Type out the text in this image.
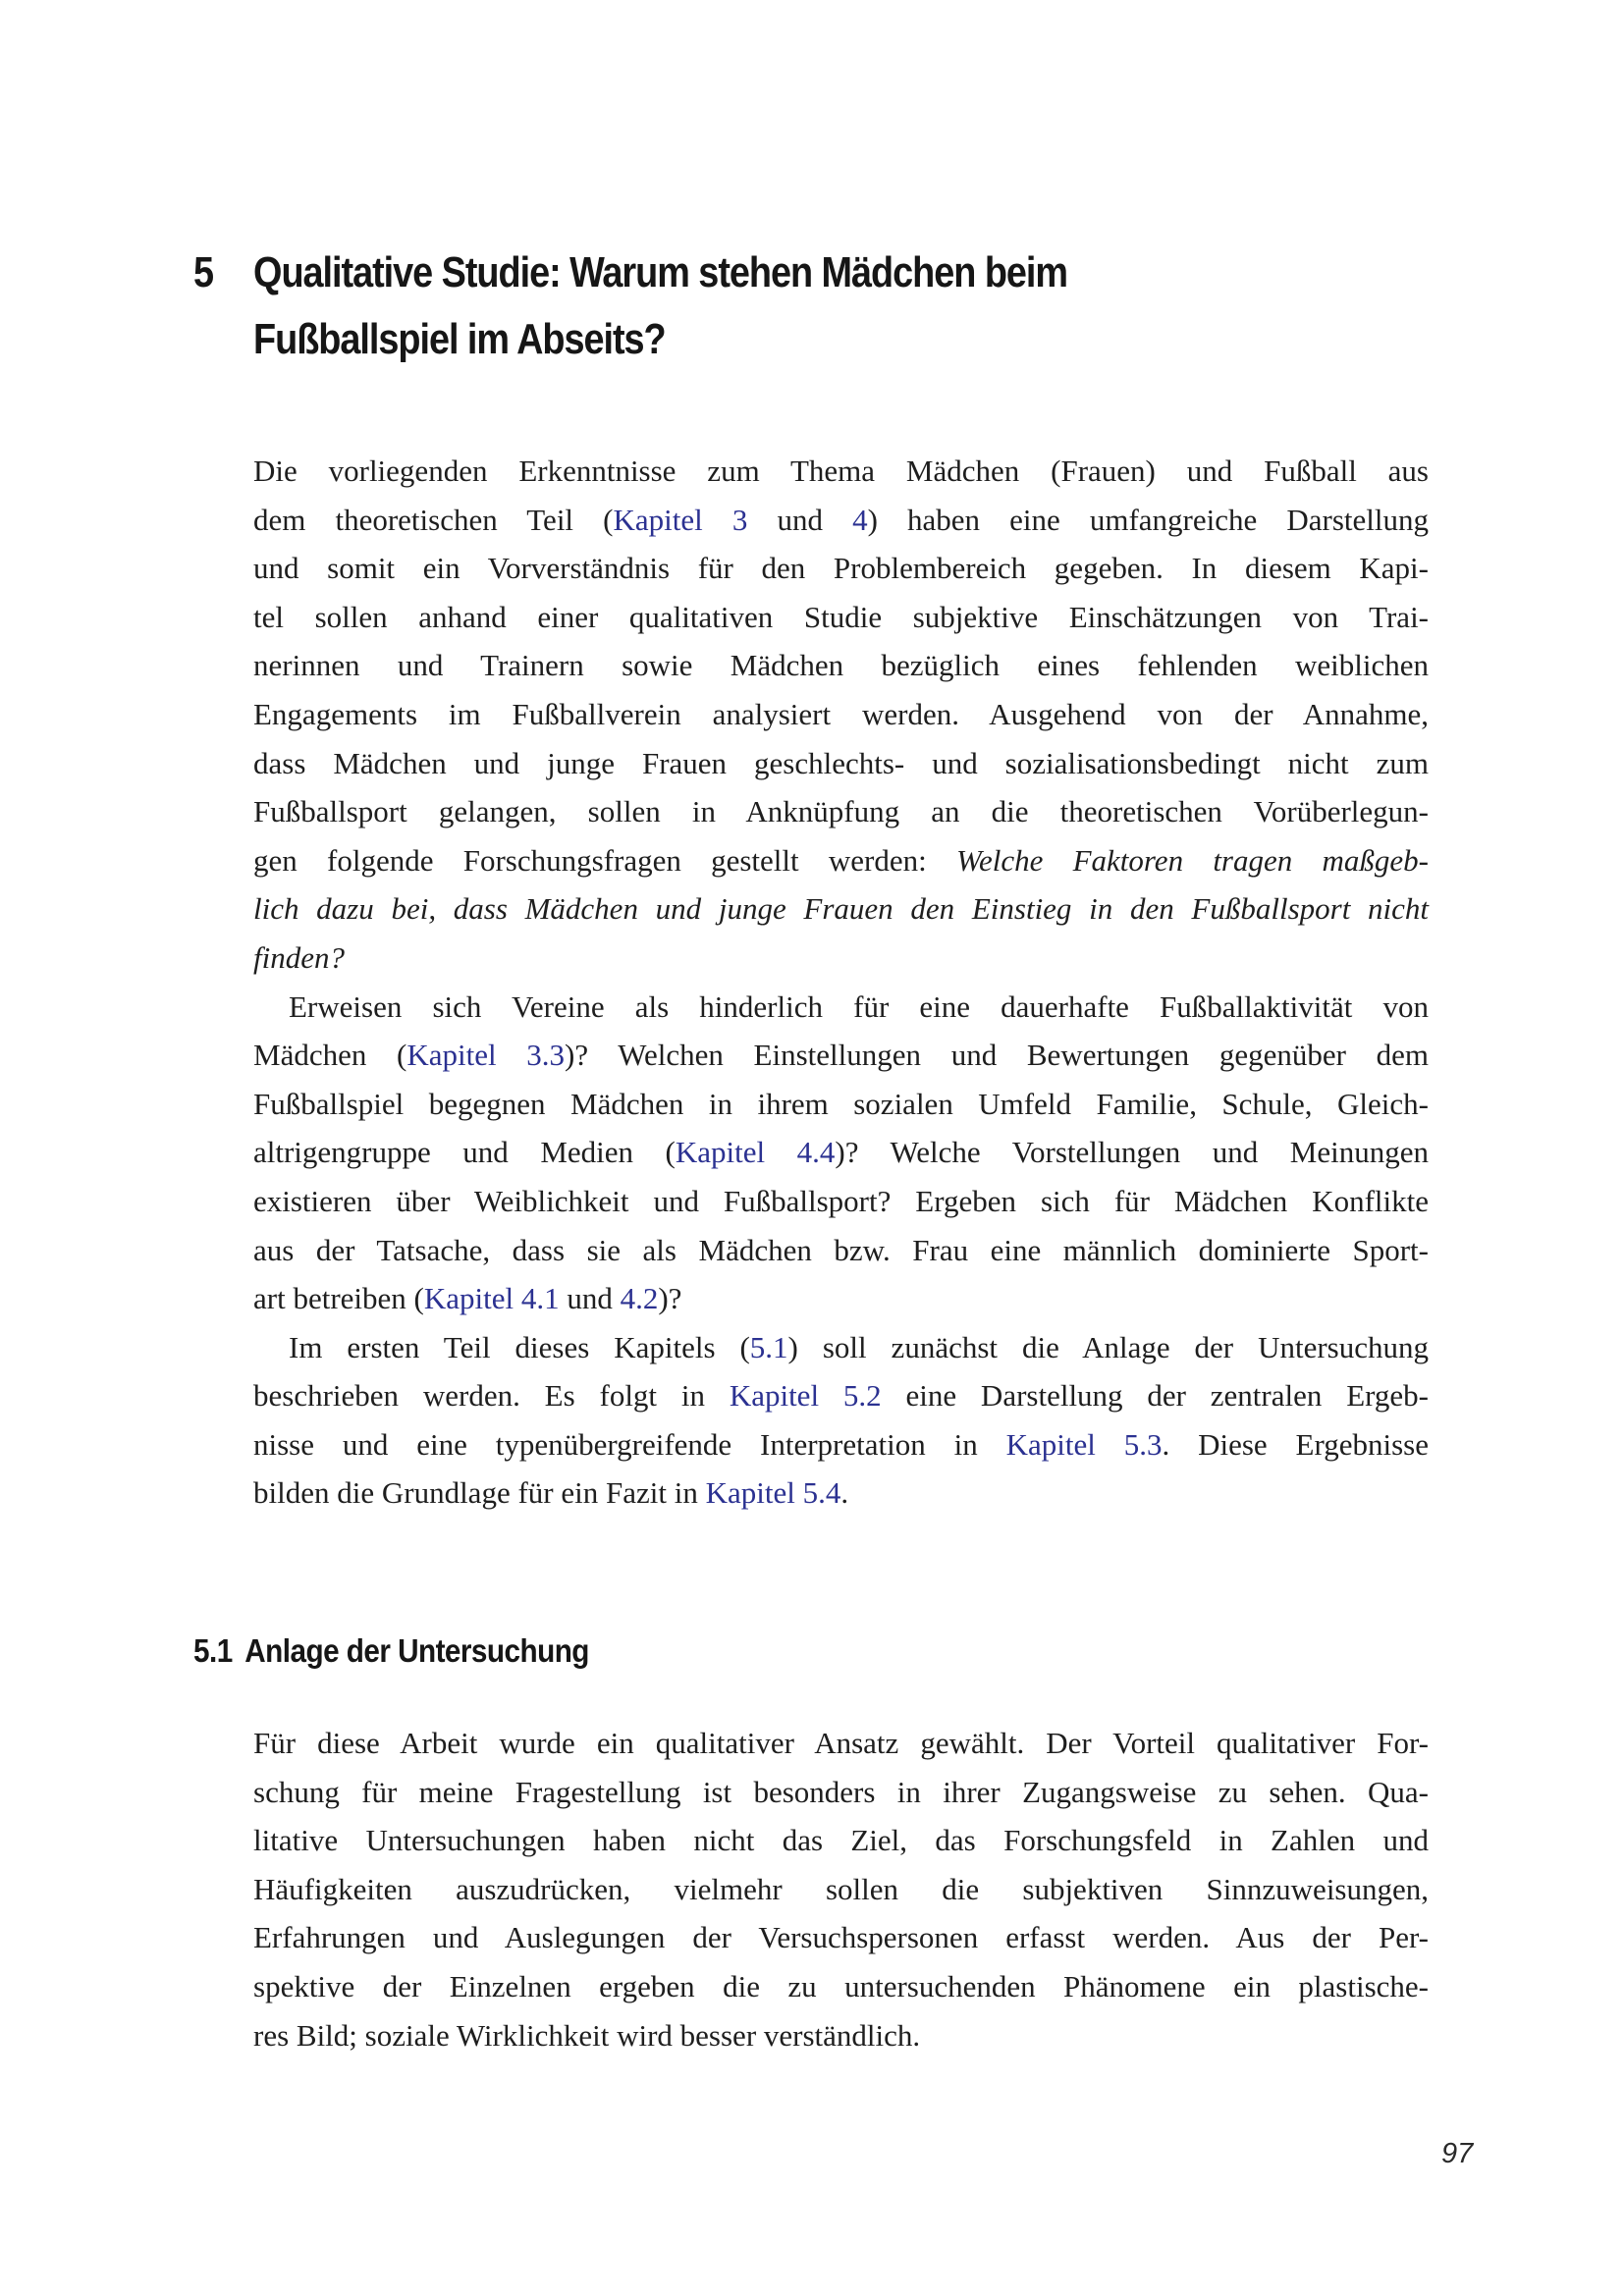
5 Qualitative Studie: Warum stehen Mädchen beim
Fußballspiel im Abseits?

Die vorliegenden Erkenntnisse zum Thema Mädchen (Frauen) und Fußball aus
dem theoretischen Teil (Kapitel 3 und 4) haben eine umfangreiche Darstellung
und somit ein Vorverständnis für den Problembereich gegeben. In diesem Kapi-
tel sollen anhand einer qualitativen Studie subjektive Einschätzungen von Trai-
nerinnen und Trainern sowie Mädchen bezüglich eines fehlenden weiblichen
Engagements im Fußballverein analysiert werden. Ausgehend von der Annahme,
dass Mädchen und junge Frauen geschlechts- und sozialisationsbedingt nicht zum
Fußballsport gelangen, sollen in Anknüpfung an die theoretischen Vorüberlegun-
gen folgende Forschungsfragen gestellt werden: Welche Faktoren tragen maßgeb-
lich dazu bei, dass Mädchen und junge Frauen den Einstieg in den Fußballsport nicht
finden?

Erweisen sich Vereine als hinderlich für eine dauerhafte Fußballaktivität von
Mädchen (Kapitel 3.3)? Welchen Einstellungen und Bewertungen gegenüber dem
Fußballspiel begegnen Mädchen in ihrem sozialen Umfeld Familie, Schule, Gleich-
altrigengruppe und Medien (Kapitel 4.4)? Welche Vorstellungen und Meinungen
existieren über Weiblichkeit und Fußballsport? Ergeben sich für Mädchen Konflikte
aus der Tatsache, dass sie als Mädchen bzw. Frau eine männlich dominierte Sport-
art betreiben (Kapitel 4.1 und 4.2)?

Im ersten Teil dieses Kapitels (5.1) soll zunächst die Anlage der Untersuchung
beschrieben werden. Es folgt in Kapitel 5.2 eine Darstellung der zentralen Ergeb-
nisse und eine typenübergreifende Interpretation in Kapitel 5.3. Diese Ergebnisse
bilden die Grundlage für ein Fazit in Kapitel 5.4.

5.1 Anlage der Untersuchung

Für diese Arbeit wurde ein qualitativer Ansatz gewählt. Der Vorteil qualitativer For-
schung für meine Fragestellung ist besonders in ihrer Zugangsweise zu sehen. Qua-
litative Untersuchungen haben nicht das Ziel, das Forschungsfeld in Zahlen und
Häufigkeiten auszudrücken, vielmehr sollen die subjektiven Sinnzuweisungen,
Erfahrungen und Auslegungen der Versuchspersonen erfasst werden. Aus der Per-
spektive der Einzelnen ergeben die zu untersuchenden Phänomene ein plastische-
res Bild; soziale Wirklichkeit wird besser verständlich.

97
